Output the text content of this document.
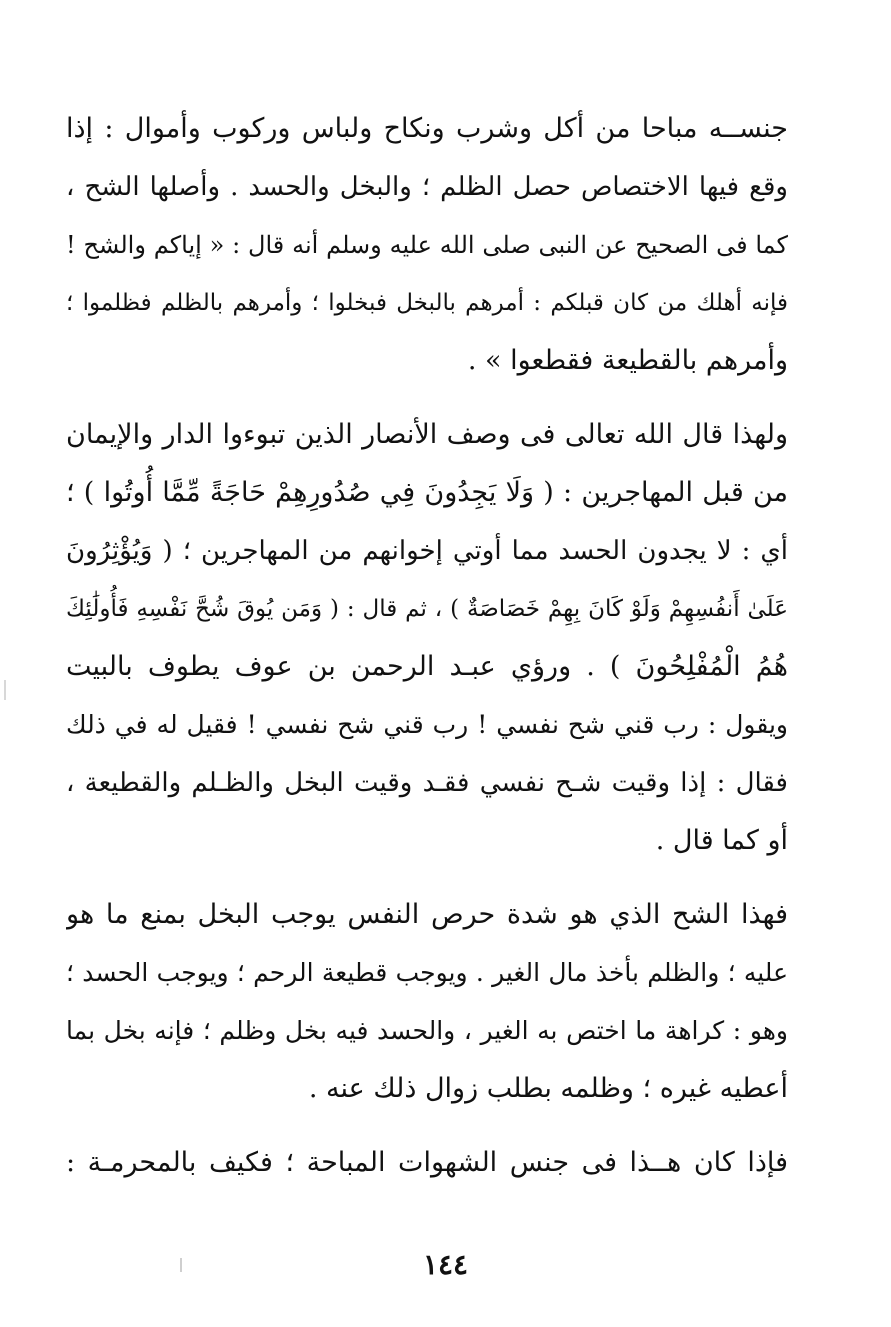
جنســه مباحا من أكل وشرب ونكاح ولباس وركوب وأموال : إذا
وقع فيها الاختصاص حصل الظلم ؛ والبخل والحسد . وأصلها الشح ،
كما فى الصحيح عن النبى صلى الله عليه وسلم أنه قال : « إياكم والشح !
فإنه أهلك من كان قبلكم : أمرهم بالبخل فبخلوا ؛ وأمرهم بالظلم فظلموا ؛
وأمرهم بالقطيعة فقطعوا » .

ولهذا قال الله تعالى فى وصف الأنصار الذين تبوءوا الدار والإيمان
من قبل المهاجرين : ( وَلَا يَجِدُونَ فِي صُدُورِهِمْ حَاجَةً مِّمَّا أُوتُوا ) ؛
أي : لا يجدون الحسد مما أوتي إخوانهم من المهاجرين ؛ ( وَيُؤْثِرُونَ
عَلَىٰ أَنفُسِهِمْ وَلَوْ كَانَ بِهِمْ خَصَاصَةٌ ) ، ثم قال : ( وَمَن يُوقَ شُحَّ نَفْسِهِ فَأُولَٰئِكَ
هُمُ الْمُفْلِحُونَ ) . ورؤي عبـد الرحمن بن عوف يطوف بالبيت
ويقول : رب قني شح نفسي ! رب قني شح نفسي ! فقيل له في ذلك
فقال : إذا وقيت شـح نفسي فقـد وقيت البخل والظـلم والقطيعة ،
أو كما قال .

فهذا الشح الذي هو شدة حرص النفس يوجب البخل بمنع ما هو
عليه ؛ والظلم بأخذ مال الغير . ويوجب قطيعة الرحم ؛ ويوجب الحسد ؛
وهو : كراهة ما اختص به الغير ، والحسد فيه بخل وظلم ؛ فإنه بخل بما
أعطيه غيره ؛ وظلمه بطلب زوال ذلك عنه .

فإذا كان هــذا فى جنس الشهوات المباحة ؛ فكيف بالمحرمـة :

١٤٤
